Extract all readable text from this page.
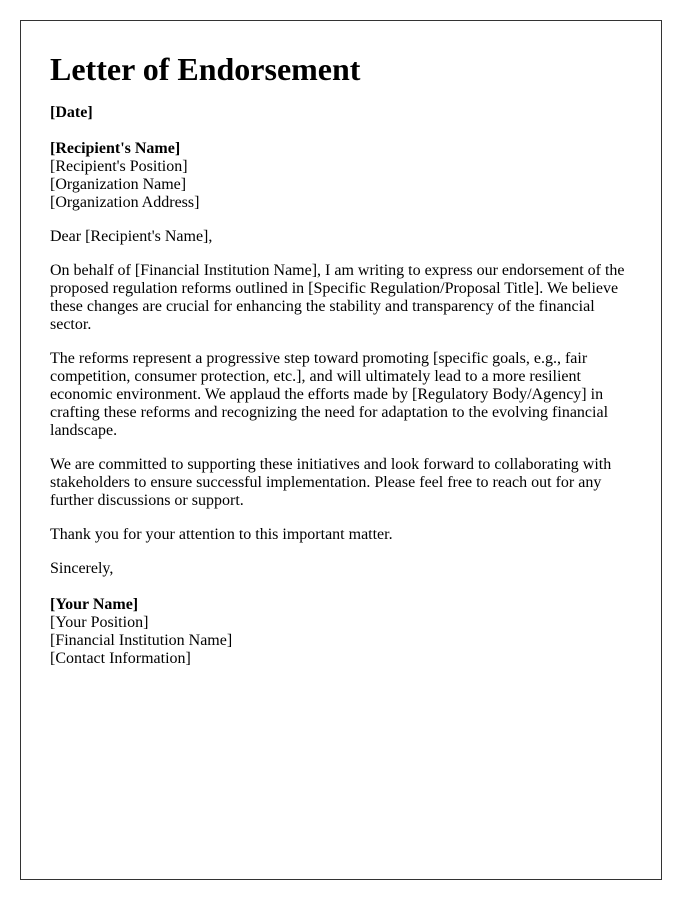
Letter of Endorsement
[Date]
[Recipient's Name]
[Recipient's Position]
[Organization Name]
[Organization Address]

Dear [Recipient's Name],

On behalf of [Financial Institution Name], I am writing to express our endorsement of the proposed regulation reforms outlined in [Specific Regulation/Proposal Title]. We believe these changes are crucial for enhancing the stability and transparency of the financial sector.

The reforms represent a progressive step toward promoting [specific goals, e.g., fair competition, consumer protection, etc.], and will ultimately lead to a more resilient economic environment. We applaud the efforts made by [Regulatory Body/Agency] in crafting these reforms and recognizing the need for adaptation to the evolving financial landscape.

We are committed to supporting these initiatives and look forward to collaborating with stakeholders to ensure successful implementation. Please feel free to reach out for any further discussions or support.

Thank you for your attention to this important matter.

Sincerely,

[Your Name]
[Your Position]
[Financial Institution Name]
[Contact Information]
